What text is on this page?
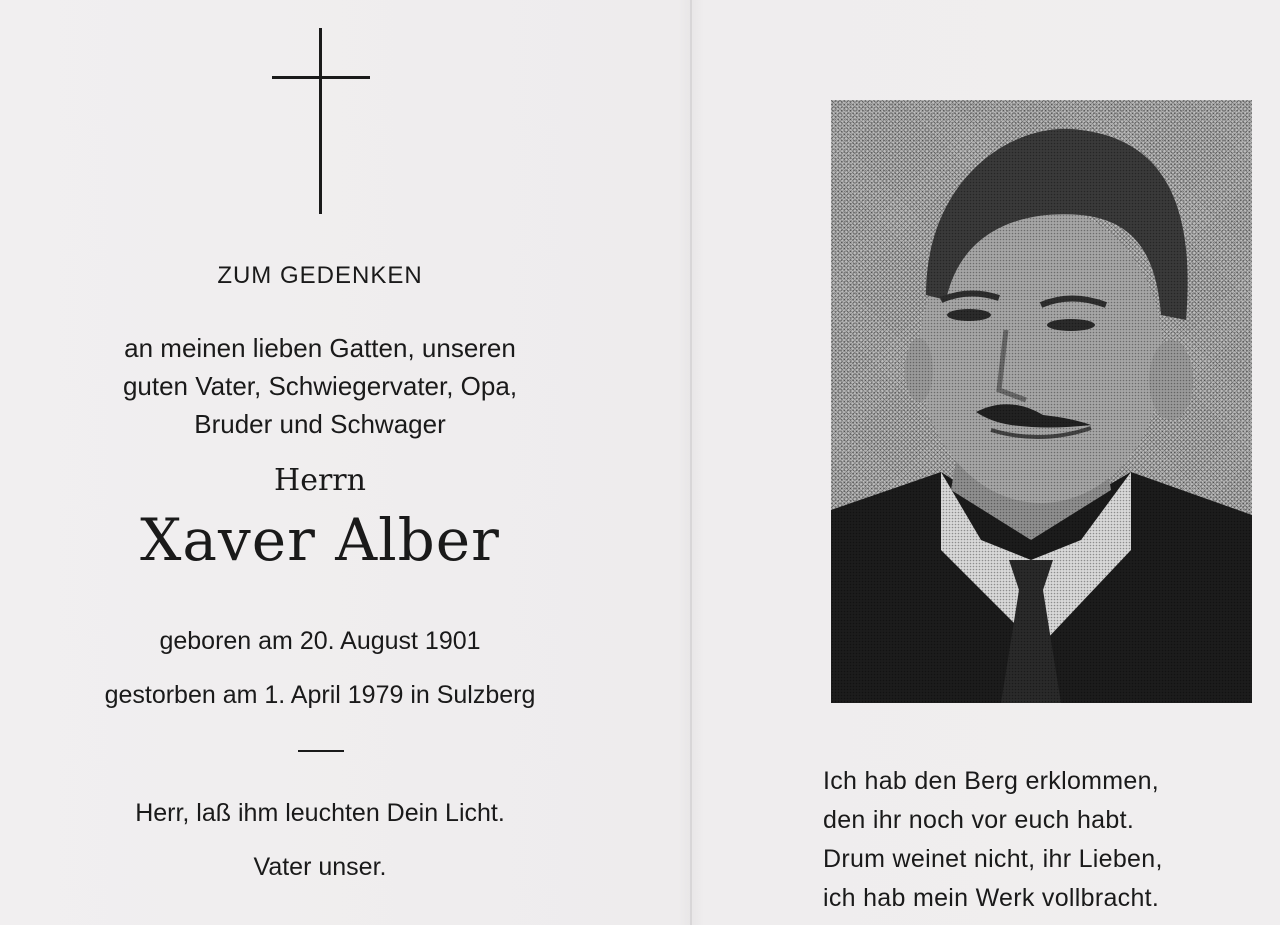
ZUM GEDENKEN
an meinen lieben Gatten, unseren
guten Vater, Schwiegervater, Opa,
Bruder und Schwager
Herrn
Xaver Alber
geboren am 20. August 1901
gestorben am 1. April 1979 in Sulzberg
Herr, laß ihm leuchten Dein Licht.
Vater unser.
Ich hab den Berg erklommen,
den ihr noch vor euch habt.
Drum weinet nicht, ihr Lieben,
ich hab mein Werk vollbracht.
